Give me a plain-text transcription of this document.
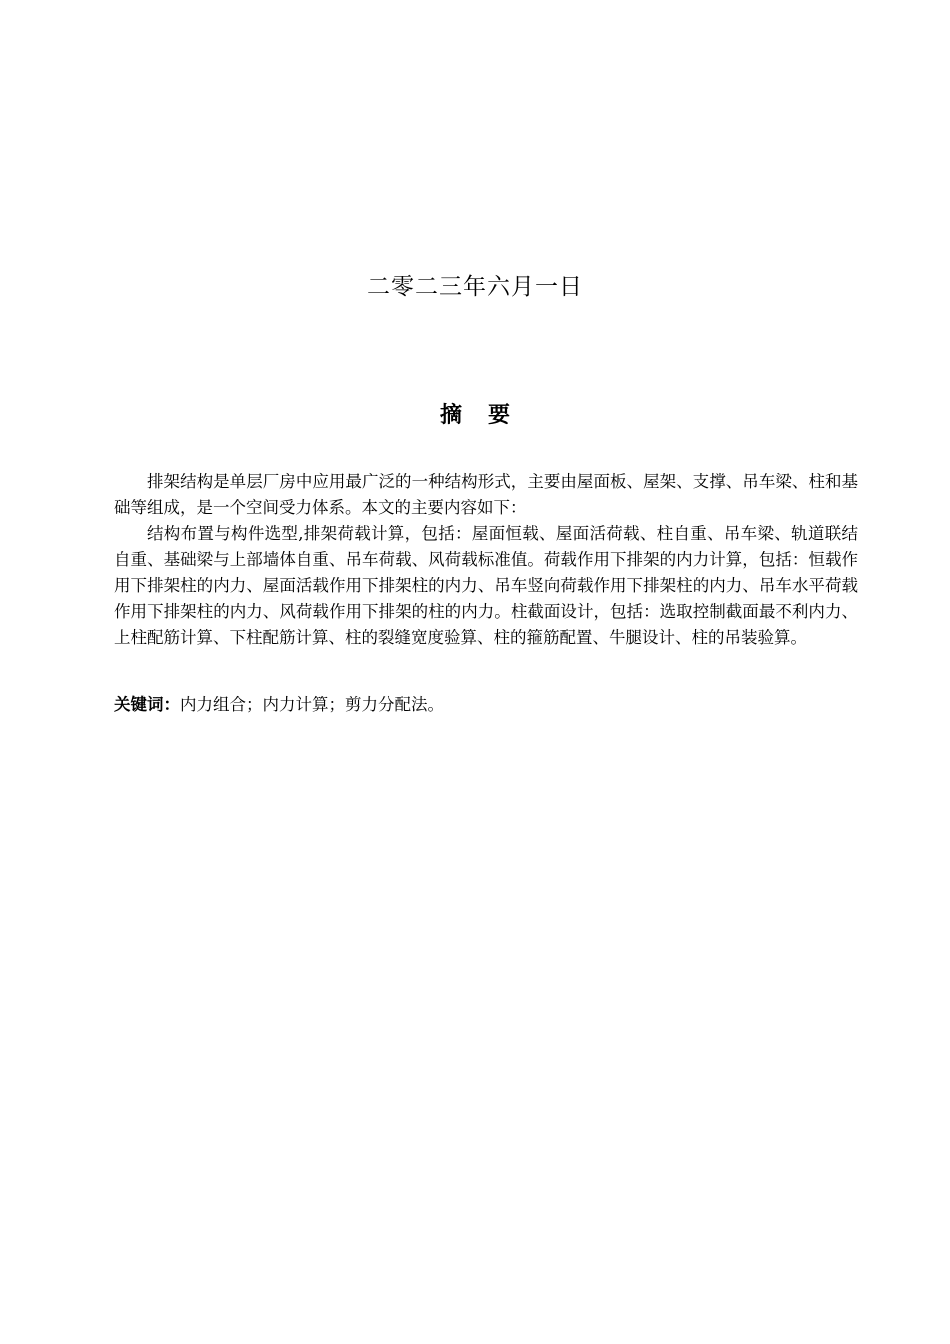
二零二三年六月一日
摘 要

排架结构是单层厂房中应用最广泛的一种结构形式，主要由屋面板、屋架、支撑、吊车梁、柱和基础等组成，是一个空间受力体系。本文的主要内容如下：

结构布置与构件选型,排架荷载计算，包括：屋面恒载、屋面活荷载、柱自重、吊车梁、轨道联结自重、基础梁与上部墙体自重、吊车荷载、风荷载标准值。荷载作用下排架的内力计算，包括：恒载作用下排架柱的内力、屋面活载作用下排架柱的内力、吊车竖向荷载作用下排架柱的内力、吊车水平荷载作用下排架柱的内力、风荷载作用下排架的柱的内力。柱截面设计，包括：选取控制截面最不利内力、上柱配筋计算、下柱配筋计算、柱的裂缝宽度验算、柱的箍筋配置、牛腿设计、柱的吊装验算。

关键词：内力组合；内力计算；剪力分配法。
